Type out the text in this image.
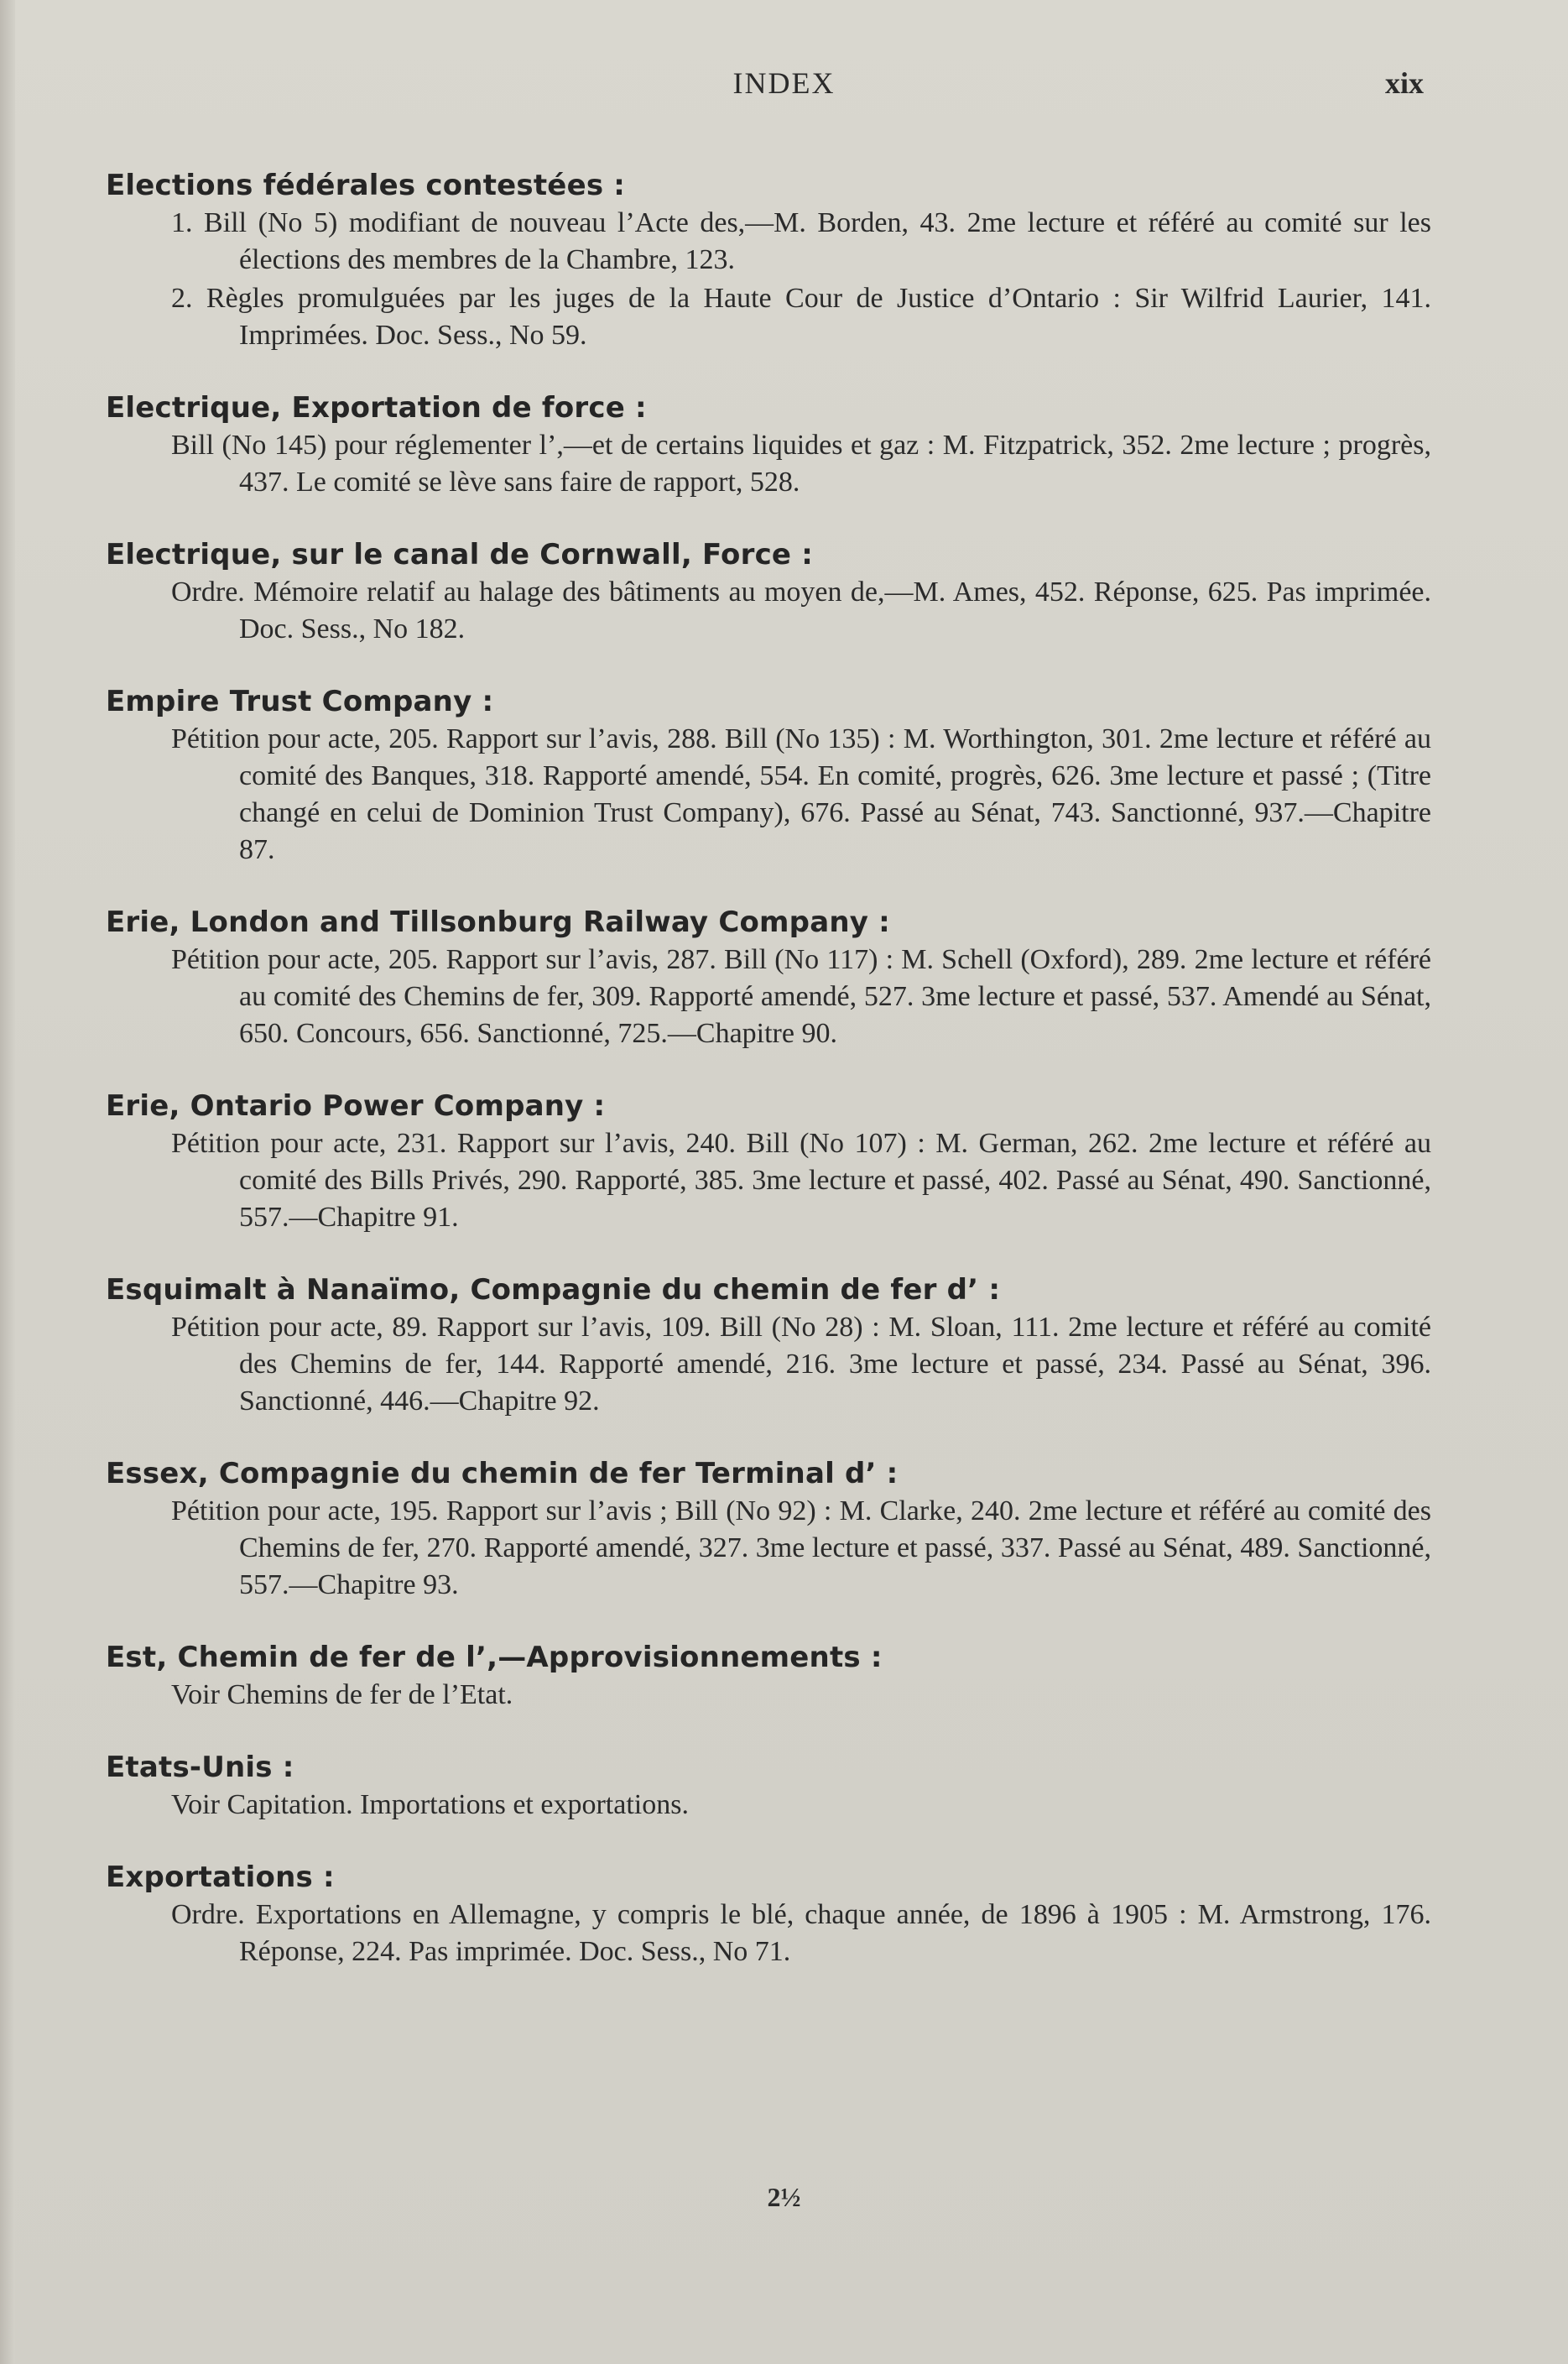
INDEX	xix
Elections fédérales contestées :
1. Bill (No 5) modifiant de nouveau l’Acte des,—M. Borden, 43. 2me lecture et référé au comité sur les élections des membres de la Chambre, 123.
2. Règles promulguées par les juges de la Haute Cour de Justice d’Ontario : Sir Wilfrid Laurier, 141. Imprimées. Doc. Sess., No 59.
Electrique, Exportation de force :
Bill (No 145) pour réglementer l’,—et de certains liquides et gaz : M. Fitzpatrick, 352. 2me lecture ; progrès, 437. Le comité se lève sans faire de rapport, 528.
Electrique, sur le canal de Cornwall, Force :
Ordre. Mémoire relatif au halage des bâtiments au moyen de,—M. Ames, 452. Réponse, 625. Pas imprimée. Doc. Sess., No 182.
Empire Trust Company :
Pétition pour acte, 205. Rapport sur l’avis, 288. Bill (No 135) : M. Worthington, 301. 2me lecture et référé au comité des Banques, 318. Rapporté amendé, 554. En comité, progrès, 626. 3me lecture et passé ; (Titre changé en celui de Dominion Trust Company), 676. Passé au Sénat, 743. Sanctionné, 937.—Chapitre 87.
Erie, London and Tillsonburg Railway Company :
Pétition pour acte, 205. Rapport sur l’avis, 287. Bill (No 117) : M. Schell (Oxford), 289. 2me lecture et référé au comité des Chemins de fer, 309. Rapporté amendé, 527. 3me lecture et passé, 537. Amendé au Sénat, 650. Concours, 656. Sanctionné, 725.—Chapitre 90.
Erie, Ontario Power Company :
Pétition pour acte, 231. Rapport sur l’avis, 240. Bill (No 107) : M. German, 262. 2me lecture et référé au comité des Bills Privés, 290. Rapporté, 385. 3me lecture et passé, 402. Passé au Sénat, 490. Sanctionné, 557.—Chapitre 91.
Esquimalt à Nanaïmo, Compagnie du chemin de fer d’ :
Pétition pour acte, 89. Rapport sur l’avis, 109. Bill (No 28) : M. Sloan, 111. 2me lecture et référé au comité des Chemins de fer, 144. Rapporté amendé, 216. 3me lecture et passé, 234. Passé au Sénat, 396. Sanctionné, 446.—Chapitre 92.
Essex, Compagnie du chemin de fer Terminal d’ :
Pétition pour acte, 195. Rapport sur l’avis ; Bill (No 92) : M. Clarke, 240. 2me lecture et référé au comité des Chemins de fer, 270. Rapporté amendé, 327. 3me lecture et passé, 337. Passé au Sénat, 489. Sanctionné, 557.—Chapitre 93.
Est, Chemin de fer de l’,—Approvisionnements :
Voir Chemins de fer de l’Etat.
Etats-Unis :
Voir Capitation. Importations et exportations.
Exportations :
Ordre. Exportations en Allemagne, y compris le blé, chaque année, de 1896 à 1905 : M. Armstrong, 176. Réponse, 224. Pas imprimée. Doc. Sess., No 71.
2½
